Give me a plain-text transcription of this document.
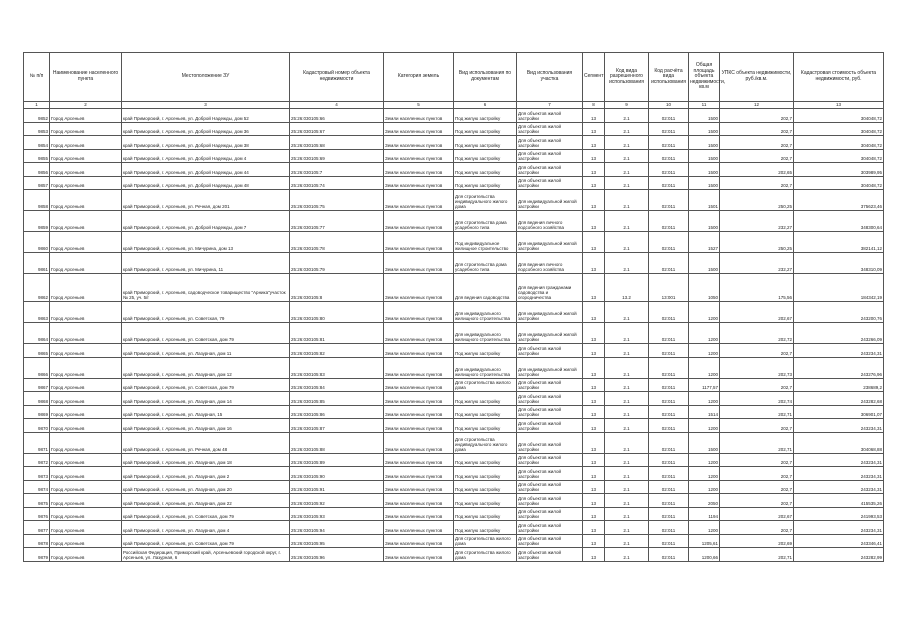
№ п/п	Наименование населенного пункта	Местоположение ЗУ	Кадастровый номер объекта недвижимости	Категория земель	Вид использования по документам	Вид использования участка	Сегмент	Код вида разрешенного использования	Код расчёта вида использования	Общая площадь объекта недвижимости, кв.м	УПКС объекта недвижимости, руб./кв.м.	Кадастровая стоимость объекта недвижимости, руб.
1	2	3	4	5	6	7	8	9	10	11	12	13
9852	Город Арсеньев	край Приморский, г. Арсеньев, ул. Доброй Надежды, дом 52	25:26:030105:66	Земли населенных пунктов	Под жилую застройку	Для объектов жилой застройки	13	2.1	02:011	1500	202,7	304048,72
9853	Город Арсеньев	край Приморский, г. Арсеньев, ул. Доброй Надежды, дом 36	25:26:030105:67	Земли населенных пунктов	Под жилую застройку	Для объектов жилой застройки	13	2.1	02:011	1500	202,7	304048,72
9854	Город Арсеньев	край Приморский, г. Арсеньев, ул. Доброй Надежды, дом 38	25:26:030105:68	Земли населенных пунктов	Под жилую застройку	Для объектов жилой застройки	13	2.1	02:011	1500	202,7	304048,72
9855	Город Арсеньев	край Приморский, г. Арсеньев, ул. Доброй Надежды, дом 4	25:26:030105:69	Земли населенных пунктов	Под жилую застройку	Для объектов жилой застройки	13	2.1	02:011	1500	202,7	304048,72
9856	Город Арсеньев	край Приморский, г. Арсеньев, ул. Доброй Надежды, дом 44	25:26:030105:7	Земли населенных пунктов	Под жилую застройку	Для объектов жилой застройки	13	2.1	02:011	1500	202,65	303989,95
9857	Город Арсеньев	край Приморский, г. Арсеньев, ул. Доброй Надежды, дом 48	25:26:030105:74	Земли населенных пунктов	Под жилую застройку	Для объектов жилой застройки	13	2.1	02:011	1500	202,7	304048,72
9858	Город Арсеньев	край Приморский, г. Арсеньев, ул. Речная, дом 201	25:26:030105:75	Земли населенных пунктов	Для строительства индивидуального жилого дома	Для индивидуальной жилой застройки	13	2.1	02:011	1501	250,25	375623,46
9859	Город Арсеньев	край Приморский, г. Арсеньев, ул. Доброй Надежды, дом 7	25:26:030105:77	Земли населенных пунктов	Для строительства дома усадебного типа	Для ведения личного подсобного хозяйства	13	2.1	02:011	1500	232,27	348300,64
9860	Город Арсеньев	край Приморский, г. Арсеньев, ул. Мичурина, дом 13	25:26:030105:78	Земли населенных пунктов	Под индивидуальное жилищное строительство	Для индивидуальной жилой застройки	13	2.1	02:011	1527	250,25	382141,12
9861	Город Арсеньев	край Приморский, г. Арсеньев, ул. Мичурина, 11	25:26:030105:79	Земли населенных пунктов	Для строительства дома усадебного типа	Для ведения личного подсобного хозяйства	13	2.1	02:011	1500	232,27	348310,09
9862	Город Арсеньев	край Приморский, г. Арсеньев, садоводческое товарищество "Арника"участок № 25, уч. 5/г	25:26:030105:8	Земли населенных пунктов	Для ведения садоводства	Для ведения гражданами садоводства и огородничества	13	13.2	13:001	1050	175,56	184342,19
9863	Город Арсеньев	край Приморский, г. Арсеньев, ул. Советская, 79	25:26:030105:80	Земли населенных пунктов	Для индивидуального жилищного строительства	Для индивидуальной жилой застройки	13	2.1	02:011	1200	202,67	243200,76
9864	Город Арсеньев	край Приморский, г. Арсеньев, ул. Советская, дом 79	25:26:030105:81	Земли населенных пунктов	Для индивидуального жилищного строительства	Для индивидуальной жилой застройки	13	2.1	02:011	1200	202,72	243266,09
9865	Город Арсеньев	край Приморский, г. Арсеньев, ул. Лазурная, дом 11	25:26:030105:82	Земли населенных пунктов	Под жилую застройку	Для объектов жилой застройки	13	2.1	02:011	1200	202,7	243234,31
9866	Город Арсеньев	край Приморский, г. Арсеньев, ул. Лазурная, дом 12	25:26:030105:83	Земли населенных пунктов	Для индивидуального жилищного строительства	Для индивидуальной жилой застройки	13	2.1	02:011	1200	202,73	243276,96
9867	Город Арсеньев	край Приморский, г. Арсеньев, ул. Советская, дом 79	25:26:030105:84	Земли населенных пунктов	Для строительства жилого дома	Для объектов жилой застройки	13	2.1	02:011	1177,57	202,7	238689,2
9868	Город Арсеньев	край Приморский, г. Арсеньев, ул. Лазурная, дом 14	25:26:030105:85	Земли населенных пунктов	Под жилую застройку	Для объектов жилой застройки	13	2.1	02:011	1200	202,74	243282,68
9869	Город Арсеньев	край Приморский, г. Арсеньев, ул. Лазурная, 15	25:26:030105:86	Земли населенных пунктов	Под жилую застройку	Для объектов жилой застройки	13	2.1	02:011	1514	202,71	306901,07
9870	Город Арсеньев	край Приморский, г. Арсеньев, ул. Лазурная, дом 16	25:26:030105:87	Земли населенных пунктов	Под жилую застройку	Для объектов жилой застройки	13	2.1	02:011	1200	202,7	243234,31
9871	Город Арсеньев	край Приморский, г. Арсеньев, ул. Речная, дом 48	25:26:030105:88	Земли населенных пунктов	Для строительства индивидуального жилого дома	Для объектов жилой застройки	13	2.1	02:011	1500	202,71	304068,88
9872	Город Арсеньев	край Приморский, г. Арсеньев, ул. Лазурная, дом 18	25:26:030105:89	Земли населенных пунктов	Под жилую застройку	Для объектов жилой застройки	13	2.1	02:011	1200	202,7	243234,31
9873	Город Арсеньев	край Приморский, г. Арсеньев, ул. Лазурная, дом 2	25:26:030105:90	Земли населенных пунктов	Под жилую застройку	Для объектов жилой застройки	13	2.1	02:011	1200	202,7	243234,31
9874	Город Арсеньев	край Приморский, г. Арсеньев, ул. Лазурная, дом 20	25:26:030105:91	Земли населенных пунктов	Под жилую застройку	Для объектов жилой застройки	13	2.1	02:011	1200	202,7	243234,31
9875	Город Арсеньев	край Приморский, г. Арсеньев, ул. Лазурная, дом 22	25:26:030105:92	Земли населенных пунктов	Под жилую застройку	Для объектов жилой застройки	13	2.1	02:011	2050	202,7	415535,26
9876	Город Арсеньев	край Приморский, г. Арсеньев, ул. Советская, дом 79	25:26:030105:93	Земли населенных пунктов	Под жилую застройку	Для объектов жилой застройки	13	2.1	02:011	1194	202,67	241993,53
9877	Город Арсеньев	край Приморский, г. Арсеньев, ул. Лазурная, дом 4	25:26:030105:94	Земли населенных пунктов	Под жилую застройку	Для объектов жилой застройки	13	2.1	02:011	1200	202,7	243234,31
9878	Город Арсеньев	край Приморский, г. Арсеньев, ул. Советская, дом 79	25:26:030105:95	Земли населенных пунктов	Для строительства жилого дома	Для объектов жилой застройки	13	2.1	02:011	1205,61	202,69	243346,41
9879	Город Арсеньев	Российская Федерация, Приморский край, Арсеньевский городской округ, г. Арсеньев, ул. Лазурная, 6	25:26:030105:96	Земли населенных пунктов	Для строительства жилого дома	Для объектов жилой застройки	13	2.1	02:011	1200,66	202,71	243282,99
